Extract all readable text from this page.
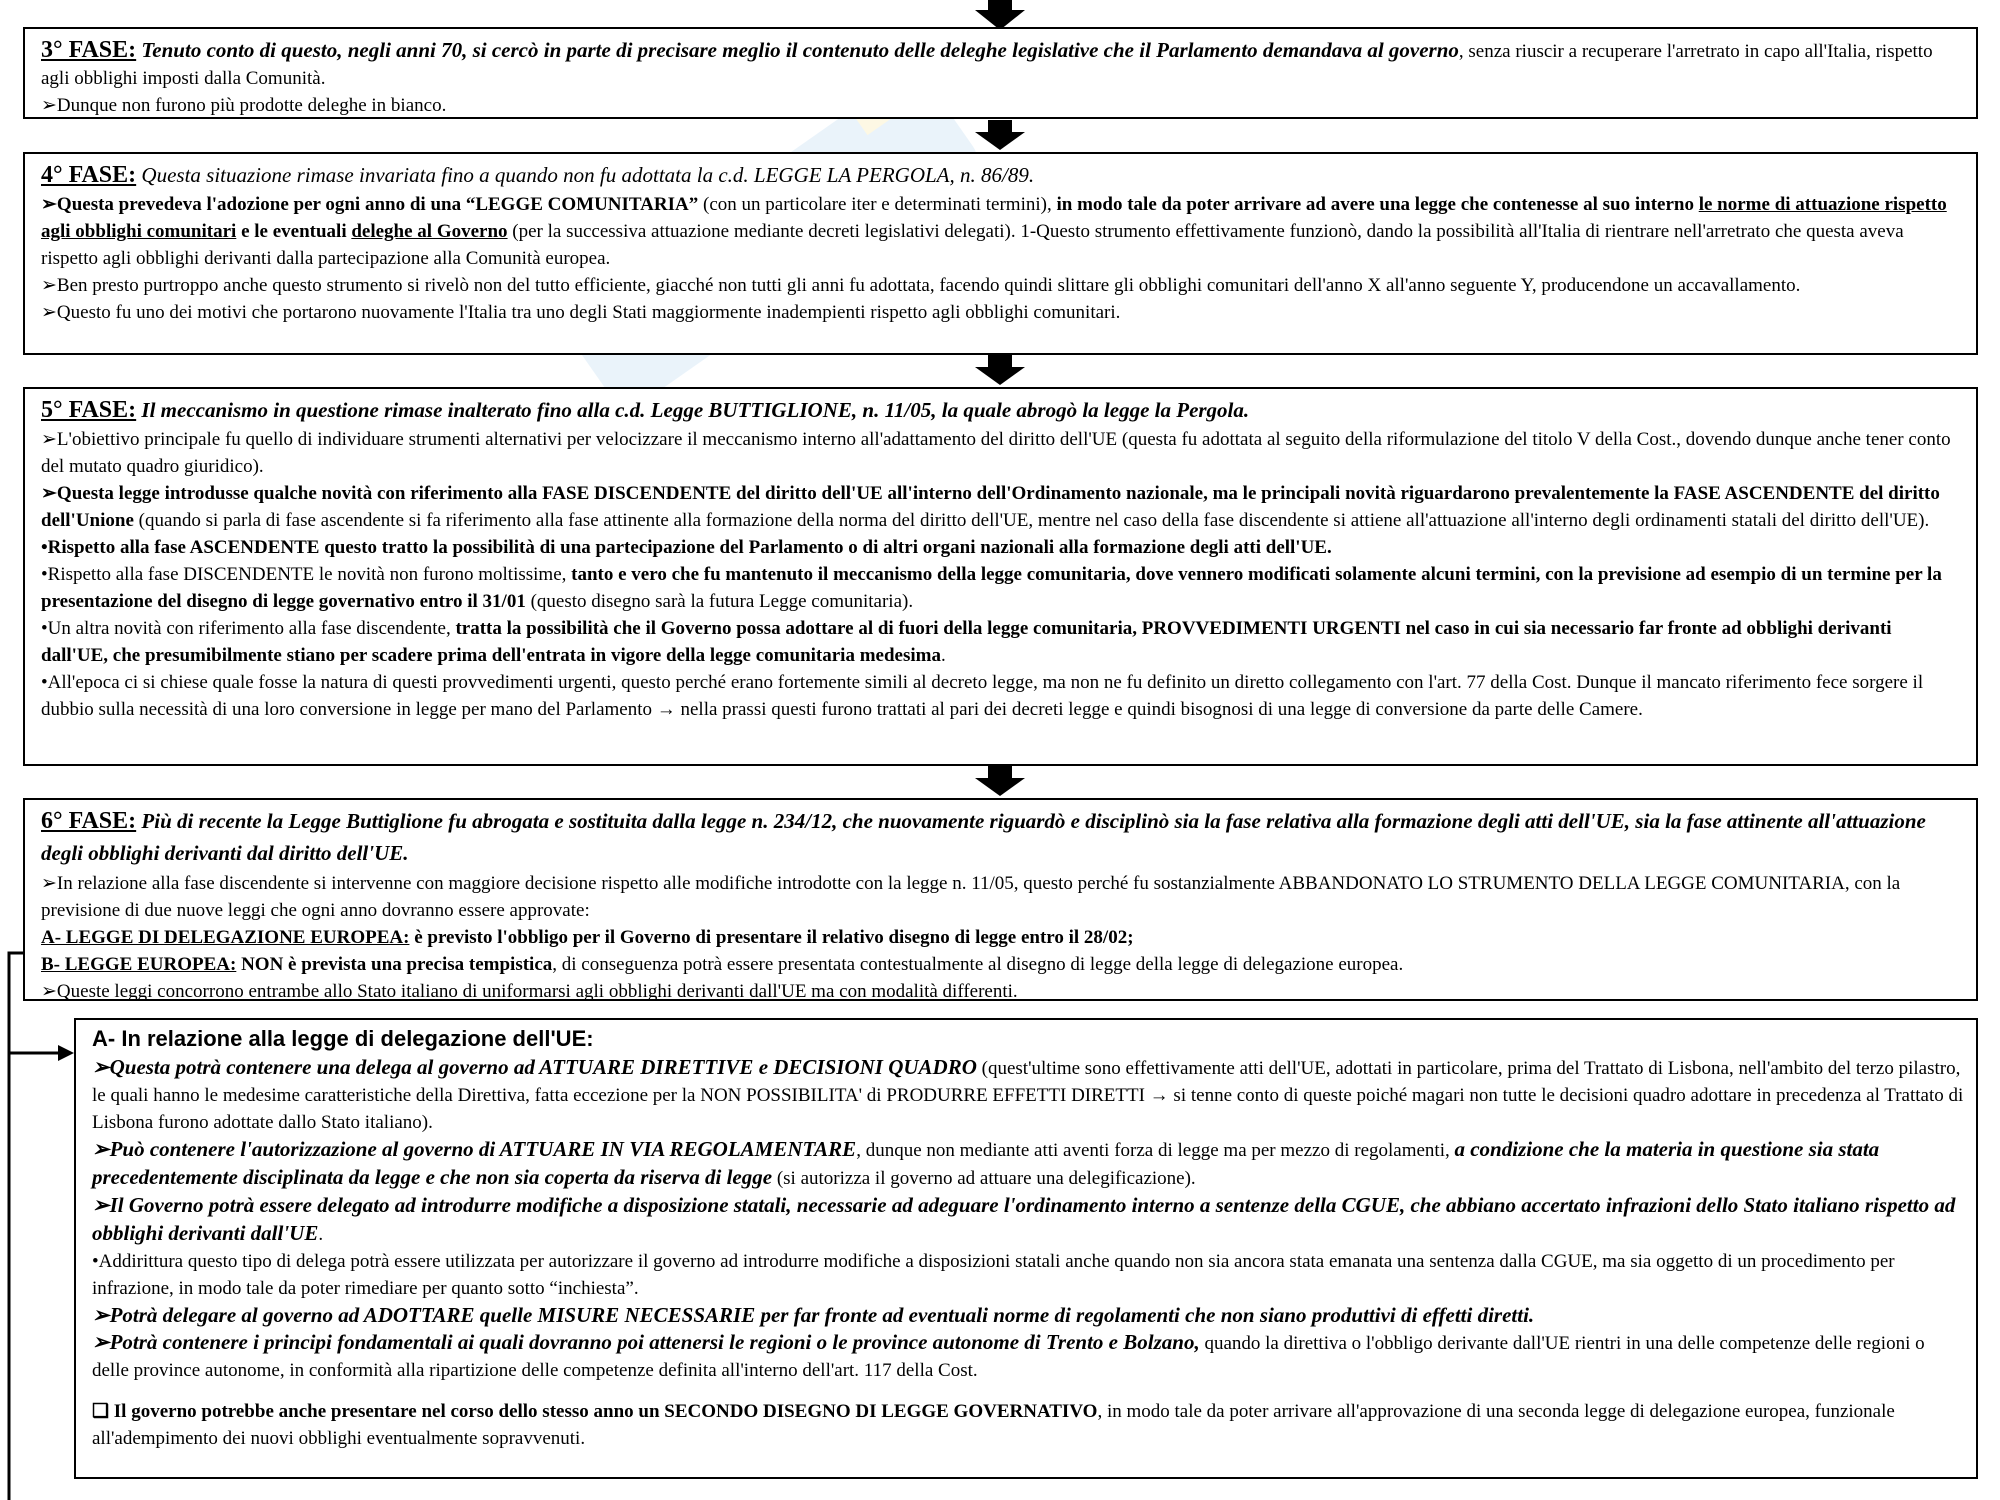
3° FASE: Tenuto conto di questo, negli anni 70, si cercò in parte di precisare meglio il contenuto delle deleghe legislative che il Parlamento demandava al governo, senza riuscir a recuperare l'arretrato in capo all'Italia, rispetto agli obblighi imposti dalla Comunità.

➢Dunque non furono più prodotte deleghe in bianco.

4° FASE: Questa situazione rimase invariata fino a quando non fu adottata la c.d. LEGGE LA PERGOLA, n. 86/89.

➢Questa prevedeva l'adozione per ogni anno di una “LEGGE COMUNITARIA” (con un particolare iter e determinati termini), in modo tale da poter arrivare ad avere una legge che contenesse al suo interno le norme di attuazione rispetto agli obblighi comunitari e le eventuali deleghe al Governo (per la successiva attuazione mediante decreti legislativi delegati). 1-Questo strumento effettivamente funzionò, dando la possibilità all'Italia di rientrare nell'arretrato che questa aveva rispetto agli obblighi derivanti dalla partecipazione alla Comunità europea.

➢Ben presto purtroppo anche questo strumento si rivelò non del tutto efficiente, giacché non tutti gli anni fu adottata, facendo quindi slittare gli obblighi comunitari dell'anno X all'anno seguente Y, producendone un accavallamento.

➢Questo fu uno dei motivi che portarono nuovamente l'Italia tra uno degli Stati maggiormente inadempienti rispetto agli obblighi comunitari.

5° FASE: Il meccanismo in questione rimase inalterato fino alla c.d. Legge BUTTIGLIONE, n. 11/05, la quale abrogò la legge la Pergola.

➢L'obiettivo principale fu quello di individuare strumenti alternativi per velocizzare il meccanismo interno all'adattamento del diritto dell'UE (questa fu adottata al seguito della riformulazione del titolo V della Cost., dovendo dunque anche tener conto del mutato quadro giuridico).

➢Questa legge introdusse qualche novità con riferimento alla FASE DISCENDENTE del diritto dell'UE all'interno dell'Ordinamento nazionale, ma le principali novità riguardarono prevalentemente la FASE ASCENDENTE del diritto dell'Unione (quando si parla di fase ascendente si fa riferimento alla fase attinente alla formazione della norma del diritto dell'UE, mentre nel caso della fase discendente si attiene all'attuazione all'interno degli ordinamenti statali del diritto dell'UE).

•Rispetto alla fase ASCENDENTE questo tratto la possibilità di una partecipazione del Parlamento o di altri organi nazionali alla formazione degli atti dell'UE.

•Rispetto alla fase DISCENDENTE le novità non furono moltissime, tanto e vero che fu mantenuto il meccanismo della legge comunitaria, dove vennero modificati solamente alcuni termini, con la previsione ad esempio di un termine per la presentazione del disegno di legge governativo entro il 31/01 (questo disegno sarà la futura Legge comunitaria).

•Un altra novità con riferimento alla fase discendente, tratta la possibilità che il Governo possa adottare al di fuori della legge comunitaria, PROVVEDIMENTI URGENTI nel caso in cui sia necessario far fronte ad obblighi derivanti dall'UE, che presumibilmente stiano per scadere prima dell'entrata in vigore della legge comunitaria medesima.

•All'epoca ci si chiese quale fosse la natura di questi provvedimenti urgenti, questo perché erano fortemente simili al decreto legge, ma non ne fu definito un diretto collegamento con l'art. 77 della Cost. Dunque il mancato riferimento fece sorgere il dubbio sulla necessità di una loro conversione in legge per mano del Parlamento → nella prassi questi furono trattati al pari dei decreti legge e quindi bisognosi di una legge di conversione da parte delle Camere.

6° FASE: Più di recente la Legge Buttiglione fu abrogata e sostituita dalla legge n. 234/12, che nuovamente riguardò e disciplinò sia la fase relativa alla formazione degli atti dell'UE, sia la fase attinente all'attuazione degli obblighi derivanti dal diritto dell'UE.

➢In relazione alla fase discendente si intervenne con maggiore decisione rispetto alle modifiche introdotte con la legge n. 11/05, questo perché fu sostanzialmente ABBANDONATO LO STRUMENTO DELLA LEGGE COMUNITARIA, con la previsione di due nuove leggi che ogni anno dovranno essere approvate:

A- LEGGE DI DELEGAZIONE EUROPEA: è previsto l'obbligo per il Governo di presentare il relativo disegno di legge entro il 28/02;

B- LEGGE EUROPEA: NON è prevista una precisa tempistica, di conseguenza potrà essere presentata contestualmente al disegno di legge della legge di delegazione europea.

➢Queste leggi concorrono entrambe allo Stato italiano di uniformarsi agli obblighi derivanti dall'UE ma con modalità differenti.

A- In relazione alla legge di delegazione dell'UE:

➢Questa potrà contenere una delega al governo ad ATTUARE DIRETTIVE e DECISIONI QUADRO (quest'ultime sono effettivamente atti dell'UE, adottati in particolare, prima del Trattato di Lisbona, nell'ambito del terzo pilastro, le quali hanno le medesime caratteristiche della Direttiva, fatta eccezione per la NON POSSIBILITA' di PRODURRE EFFETTI DIRETTI → si tenne conto di queste poiché magari non tutte le decisioni quadro adottare in precedenza al Trattato di Lisbona furono adottate dallo Stato italiano).

➢Può contenere l'autorizzazione al governo di ATTUARE IN VIA REGOLAMENTARE, dunque non mediante atti aventi forza di legge ma per mezzo di regolamenti, a condizione che la materia in questione sia stata precedentemente disciplinata da legge e che non sia coperta da riserva di legge (si autorizza il governo ad attuare una delegificazione).

➢Il Governo potrà essere delegato ad introdurre modifiche a disposizione statali, necessarie ad adeguare l'ordinamento interno a sentenze della CGUE, che abbiano accertato infrazioni dello Stato italiano rispetto ad obblighi derivanti dall'UE.

•Addirittura questo tipo di delega potrà essere utilizzata per autorizzare il governo ad introdurre modifiche a disposizioni statali anche quando non sia ancora stata emanata una sentenza dalla CGUE, ma sia oggetto di un procedimento per infrazione, in modo tale da poter rimediare per quanto sotto “inchiesta”.

➢Potrà delegare al governo ad ADOTTARE quelle MISURE NECESSARIE per far fronte ad eventuali norme di regolamenti che non siano produttivi di effetti diretti.

➢Potrà contenere i principi fondamentali ai quali dovranno poi attenersi le regioni o le province autonome di Trento e Bolzano, quando la direttiva o l'obbligo derivante dall'UE rientri in una delle competenze delle regioni o delle province autonome, in conformità alla ripartizione delle competenze definita all'interno dell'art. 117 della Cost.

❑ Il governo potrebbe anche presentare nel corso dello stesso anno un SECONDO DISEGNO DI LEGGE GOVERNATIVO, in modo tale da poter arrivare all'approvazione di una seconda legge di delegazione europea, funzionale all'adempimento dei nuovi obblighi eventualmente sopravvenuti.
